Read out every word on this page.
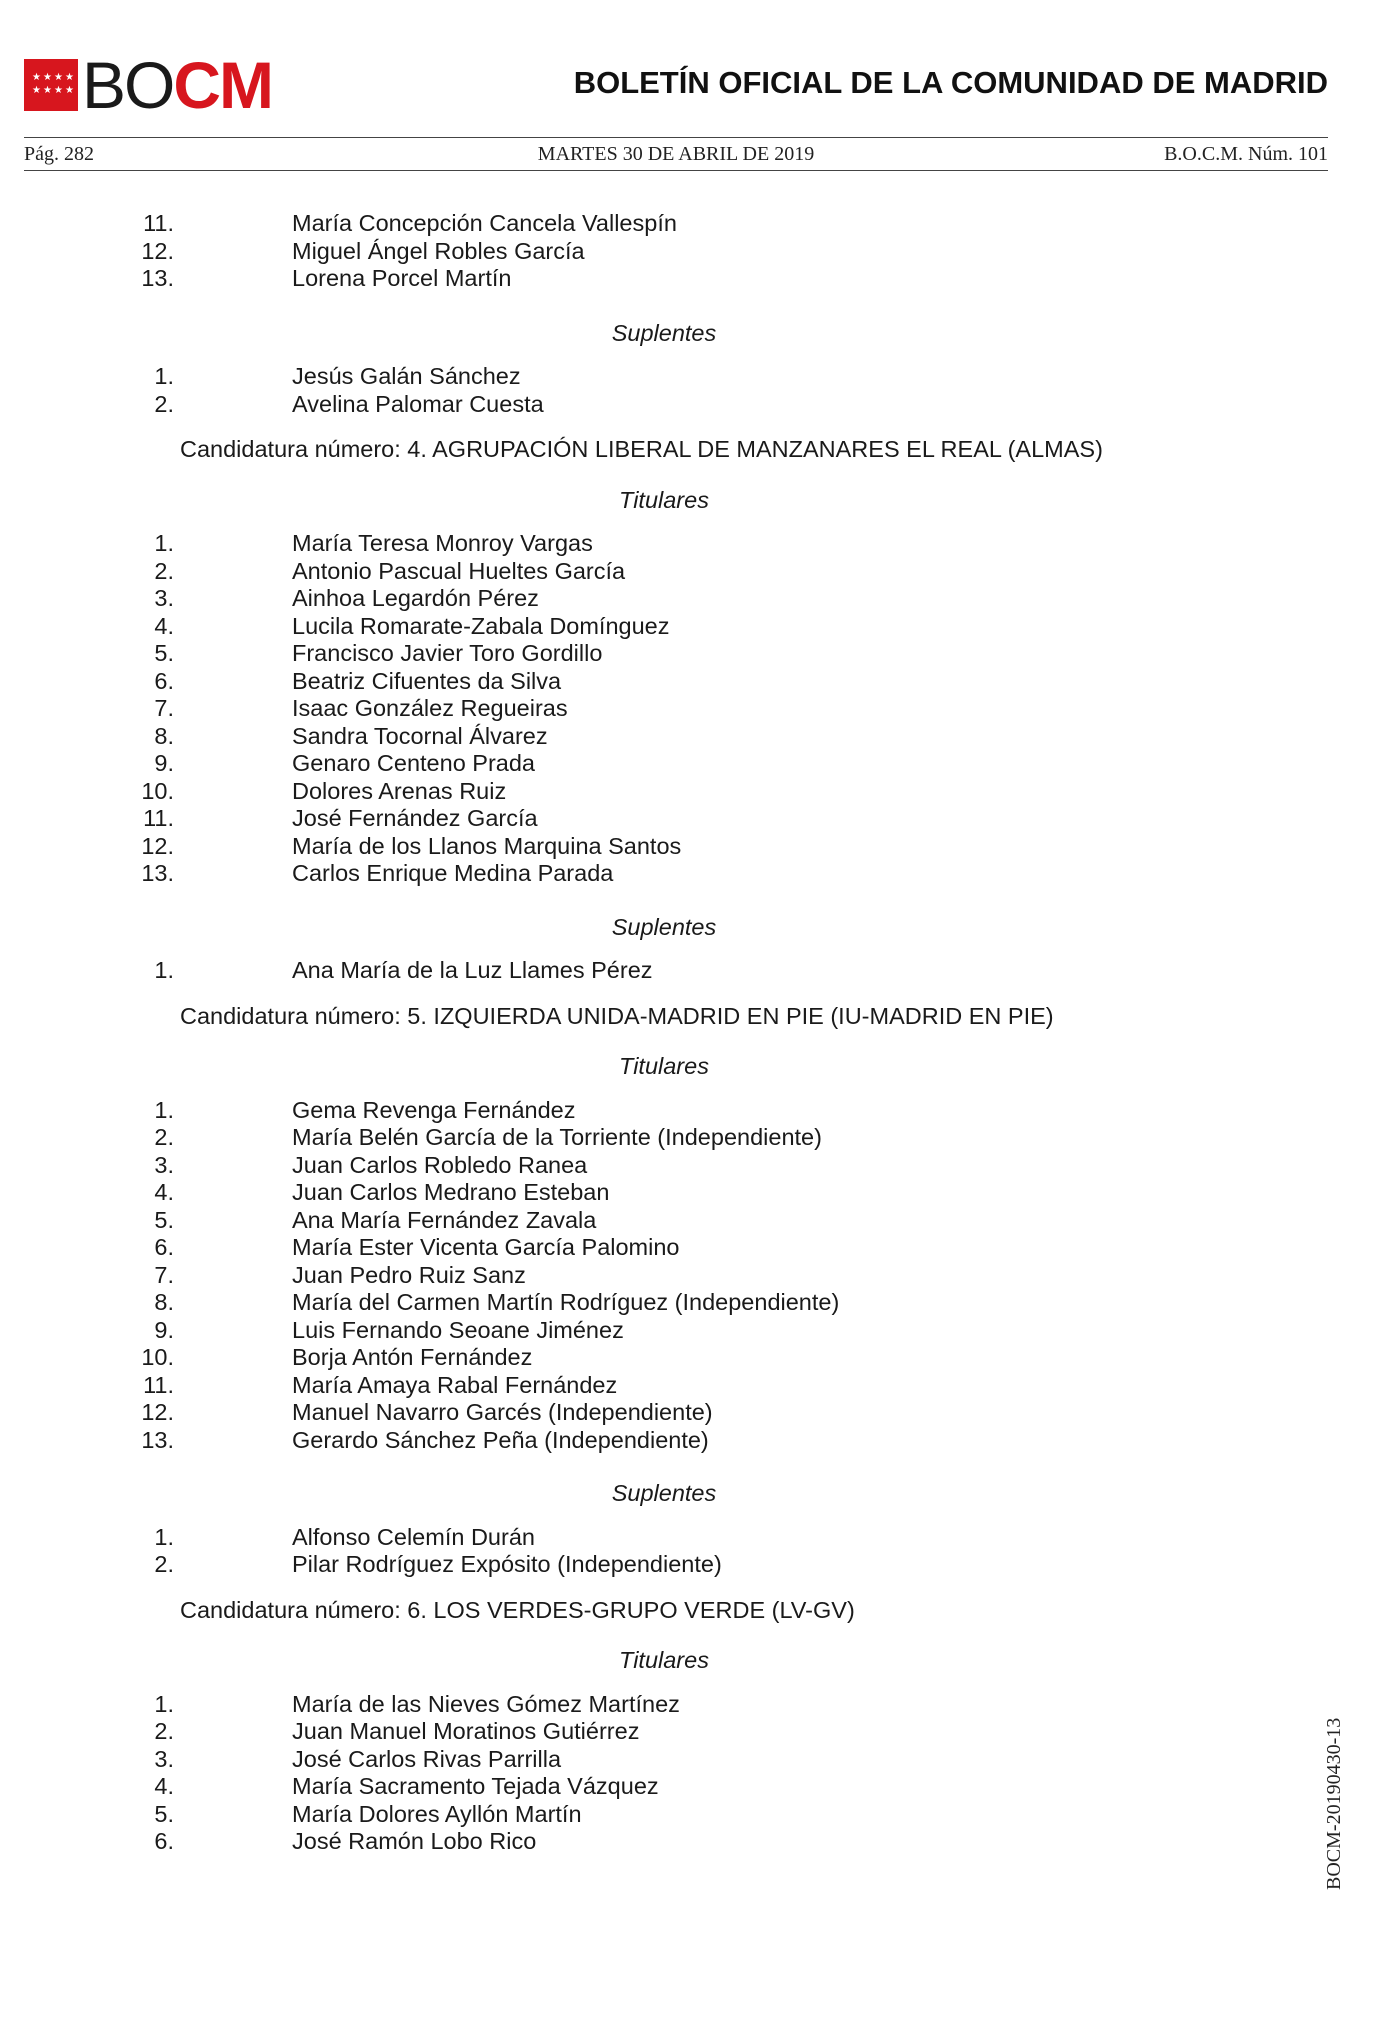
★ ★ ★ ★
★ ★ ★ ★ BOCM	BOLETÍN OFICIAL DE LA COMUNIDAD DE MADRID
Pág. 282	MARTES 30 DE ABRIL DE 2019	B.O.C.M. Núm. 101
11.	María Concepción Cancela Vallespín
12.	Miguel Ángel Robles García
13.	Lorena Porcel Martín

Suplentes

1.	Jesús Galán Sánchez
2.	Avelina Palomar Cuesta
Candidatura número: 4. AGRUPACIÓN LIBERAL DE MANZANARES EL REAL (ALMAS)

Titulares

1.	María Teresa Monroy Vargas
2.	Antonio Pascual Hueltes García
3.	Ainhoa Legardón Pérez
4.	Lucila Romarate-Zabala Domínguez
5.	Francisco Javier Toro Gordillo
6.	Beatriz Cifuentes da Silva
7.	Isaac González Regueiras
8.	Sandra Tocornal Álvarez
9.	Genaro Centeno Prada
10.	Dolores Arenas Ruiz
11.	José Fernández García
12.	María de los Llanos Marquina Santos
13.	Carlos Enrique Medina Parada

Suplentes

1.	Ana María de la Luz Llames Pérez
Candidatura número: 5. IZQUIERDA UNIDA-MADRID EN PIE (IU-MADRID EN PIE)

Titulares

1.	Gema Revenga Fernández
2.	María Belén García de la Torriente (Independiente)
3.	Juan Carlos Robledo Ranea
4.	Juan Carlos Medrano Esteban
5.	Ana María Fernández Zavala
6.	María Ester Vicenta García Palomino
7.	Juan Pedro Ruiz Sanz
8.	María del Carmen Martín Rodríguez (Independiente)
9.	Luis Fernando Seoane Jiménez
10.	Borja Antón Fernández
11.	María Amaya Rabal Fernández
12.	Manuel Navarro Garcés (Independiente)
13.	Gerardo Sánchez Peña (Independiente)

Suplentes

1.	Alfonso Celemín Durán
2.	Pilar Rodríguez Expósito (Independiente)
Candidatura número: 6. LOS VERDES-GRUPO VERDE (LV-GV)

Titulares

1.	María de las Nieves Gómez Martínez
2.	Juan Manuel Moratinos Gutiérrez
3.	José Carlos Rivas Parrilla
4.	María Sacramento Tejada Vázquez
5.	María Dolores Ayllón Martín
6.	José Ramón Lobo Rico	BOCM-20190430-13
